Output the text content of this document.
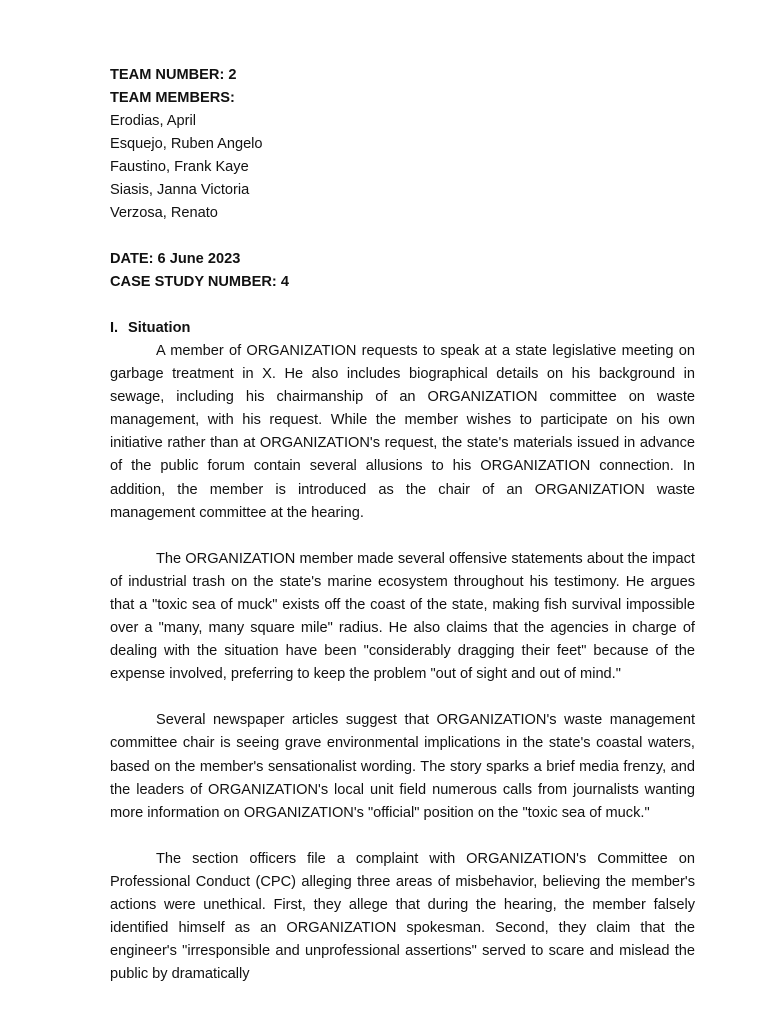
TEAM NUMBER: 2
TEAM MEMBERS:
Erodias, April
Esquejo, Ruben Angelo
Faustino, Frank Kaye
Siasis, Janna Victoria
Verzosa, Renato
DATE: 6 June 2023
CASE STUDY NUMBER: 4
I. Situation

A member of ORGANIZATION requests to speak at a state legislative meeting on garbage treatment in X. He also includes biographical details on his background in sewage, including his chairmanship of an ORGANIZATION committee on waste management, with his request. While the member wishes to participate on his own initiative rather than at ORGANIZATION's request, the state's materials issued in advance of the public forum contain several allusions to his ORGANIZATION connection. In addition, the member is introduced as the chair of an ORGANIZATION waste management committee at the hearing.

The ORGANIZATION member made several offensive statements about the impact of industrial trash on the state's marine ecosystem throughout his testimony. He argues that a "toxic sea of muck" exists off the coast of the state, making fish survival impossible over a "many, many square mile" radius. He also claims that the agencies in charge of dealing with the situation have been "considerably dragging their feet" because of the expense involved, preferring to keep the problem "out of sight and out of mind."

Several newspaper articles suggest that ORGANIZATION's waste management committee chair is seeing grave environmental implications in the state's coastal waters, based on the member's sensationalist wording. The story sparks a brief media frenzy, and the leaders of ORGANIZATION's local unit field numerous calls from journalists wanting more information on ORGANIZATION's "official" position on the "toxic sea of muck."

The section officers file a complaint with ORGANIZATION's Committee on Professional Conduct (CPC) alleging three areas of misbehavior, believing the member's actions were unethical. First, they allege that during the hearing, the member falsely identified himself as an ORGANIZATION spokesman. Second, they claim that the engineer's "irresponsible and unprofessional assertions" served to scare and mislead the public by dramatically
